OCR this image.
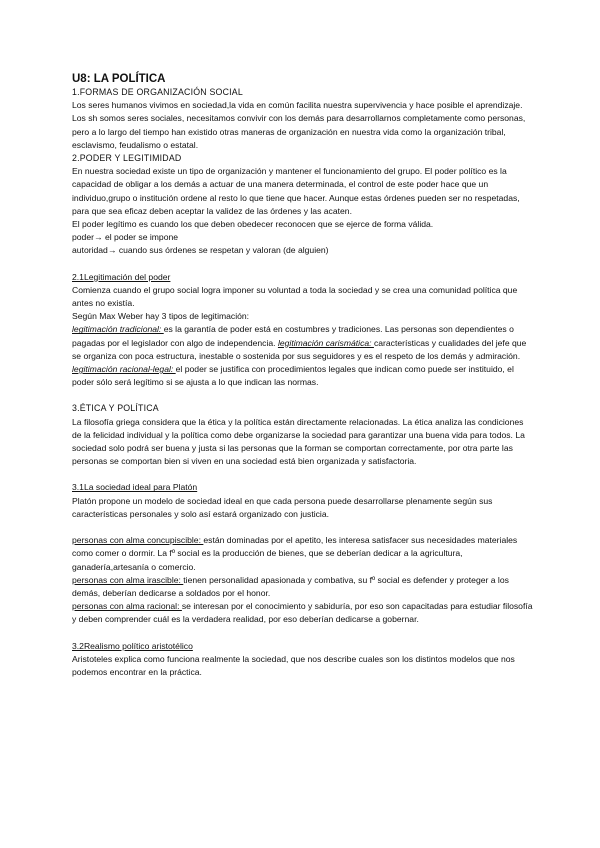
U8: LA POLÍTICA

1.FORMAS DE ORGANIZACIÓN SOCIAL

Los seres humanos vivimos en sociedad,la vida en común facilita nuestra supervivencia y hace posible el aprendizaje. Los sh somos seres sociales, necesitamos convivir con los demás para desarrollarnos completamente como personas, pero a lo largo del tiempo han existido otras maneras de organización en nuestra vida como la organización tribal, esclavismo, feudalismo o estatal.

2.PODER Y LEGITIMIDAD

En nuestra sociedad existe un tipo de organización y mantener el funcionamiento del grupo. El poder político es la capacidad de obligar a los demás a actuar de una manera determinada, el control de este poder hace que un individuo,grupo o institución ordene al resto lo que tiene que hacer. Aunque estas órdenes pueden ser no respetadas, para que sea eficaz deben aceptar la validez de las órdenes y las acaten.

El poder legítimo es cuando los que deben obedecer reconocen que se ejerce de forma válida.

poder→ el poder se impone

autoridad→ cuando sus órdenes se respetan y valoran (de alguien)

2.1Legitimación del poder

Comienza cuando el grupo social logra imponer su voluntad a toda la sociedad y se crea una comunidad política que antes no existía.

Según Max Weber hay 3 tipos de legitimación:

legitimación tradicional: es la garantía de poder está en costumbres y tradiciones. Las personas son dependientes o pagadas por el legislador con algo de independencia. legitimación carismática: características y cualidades del jefe que se organiza con poca estructura, inestable o sostenida por sus seguidores y es el respeto de los demás y admiración.

legitimación racional-legal: el poder se justifica con procedimientos legales que indican como puede ser instituido, el poder sólo será legítimo si se ajusta a lo que indican las normas.

3.ÉTICA Y POLÍTICA

La filosofía griega considera que la ética y la política están directamente relacionadas. La ética analiza las condiciones de la felicidad individual y la política como debe organizarse la sociedad para garantizar una buena vida para todos. La sociedad solo podrá ser buena y justa si las personas que la forman se comportan correctamente, por otra parte las personas se comportan bien si viven en una sociedad está bien organizada y satisfactoria.

3.1La sociedad ideal para Platón

Platón propone un modelo de sociedad ideal en que cada persona puede desarrollarse plenamente según sus características personales y solo así estará organizado con justicia.

personas con alma concupiscible: están dominadas por el apetito, les interesa satisfacer sus necesidades materiales como comer o dormir. La fº social es la producción de bienes, que se deberían dedicar a la agricultura, ganadería,artesanía o comercio.

personas con alma irascible: tienen personalidad apasionada y combativa, su fº social es defender y proteger a los demás, deberían dedicarse a soldados por el honor.

personas con alma racional: se interesan por el conocimiento y sabiduría, por eso son capacitadas para estudiar filosofía y deben comprender cuál es la verdadera realidad, por eso deberían dedicarse a gobernar.

3.2Realismo político aristotélico

Aristoteles explica como funciona realmente la sociedad, que nos describe cuales son los distintos modelos que nos podemos encontrar en la práctica.
